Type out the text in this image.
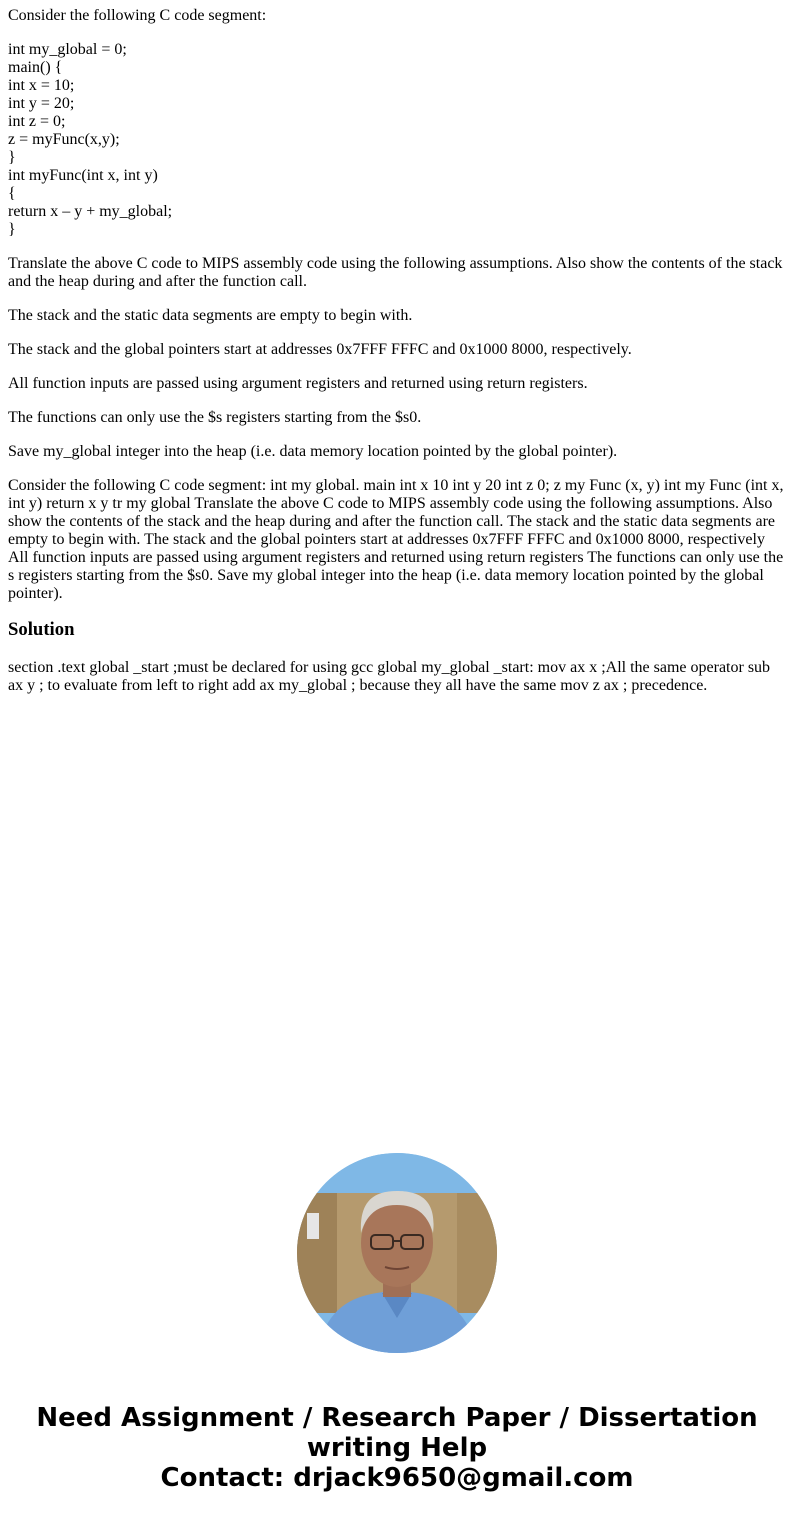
Consider the following C code segment:

int my_global = 0;
main() {
int x = 10;
int y = 20;
int z = 0;
z = myFunc(x,y);
}
int myFunc(int x, int y)
{
return x – y + my_global;
}

Translate the above C code to MIPS assembly code using the following assumptions. Also show the contents of the stack and the heap during and after the function call.

The stack and the static data segments are empty to begin with.

The stack and the global pointers start at addresses 0x7FFF FFFC and 0x1000 8000, respectively.

All function inputs are passed using argument registers and returned using return registers.

The functions can only use the $s registers starting from the $s0.

Save my_global integer into the heap (i.e. data memory location pointed by the global pointer).

Consider the following C code segment: int my global. main int x 10 int y 20 int z 0; z my Func (x, y) int my Func (int x, int y) return x y tr my global Translate the above C code to MIPS assembly code using the following assumptions. Also show the contents of the stack and the heap during and after the function call. The stack and the static data segments are empty to begin with. The stack and the global pointers start at addresses 0x7FFF FFFC and 0x1000 8000, respectively All function inputs are passed using argument registers and returned using return registers The functions can only use the s registers starting from the $s0. Save my global integer into the heap (i.e. data memory location pointed by the global pointer).

Solution

section .text global _start ;must be declared for using gcc global my_global _start: mov ax x ;All the same operator sub ax y ; to evaluate from left to right add ax my_global ; because they all have the same mov z ax ; precedence.

Need Assignment / Research Paper / Dissertation
writing Help
Contact: drjack9650@gmail.com
